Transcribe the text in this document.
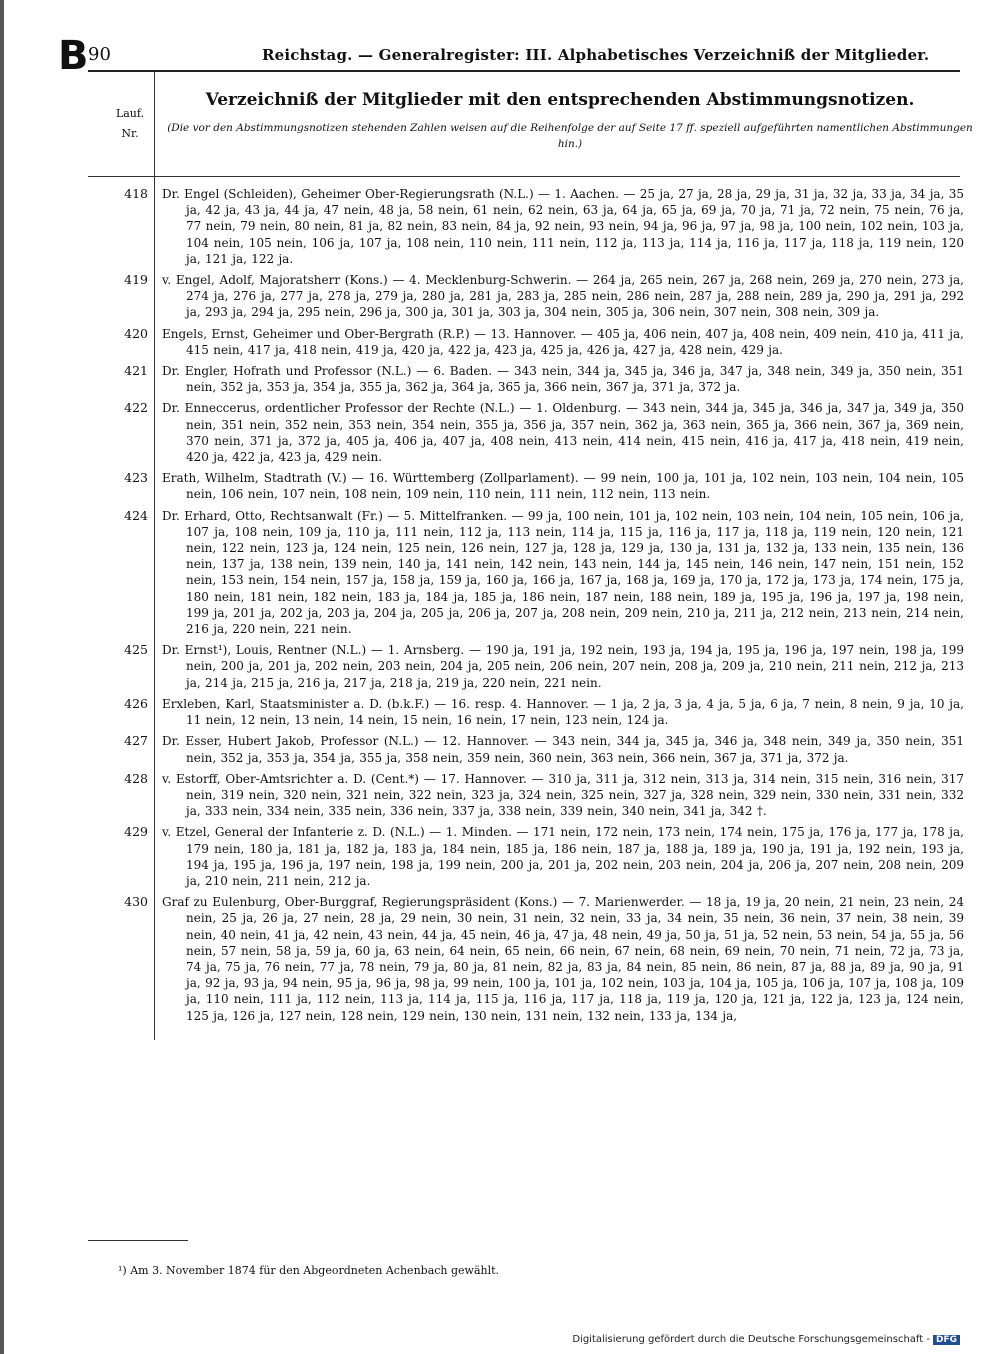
B 90	Reichstag. — Generalregister: III. Alphabetisches Verzeichniß der Mitglieder.
Lauf.
Nr.
Verzeichniß der Mitglieder mit den entsprechenden Abstimmungsnotizen.
(Die vor den Abstimmungsnotizen stehenden Zahlen weisen auf die Reihenfolge der auf Seite 17 ff. speziell aufgeführten namentlichen Abstimmungen hin.)
418 Dr. Engel (Schleiden), Geheimer Ober-Regierungsrath (N.L.) — 1. Aachen. — 25 ja, 27 ja, 28 ja, 29 ja, 31 ja, 32 ja, 33 ja, 34 ja, 35 ja, 42 ja, 43 ja, 44 ja, 47 nein, 48 ja, 58 nein, 61 nein, 62 nein, 63 ja, 64 ja, 65 ja, 69 ja, 70 ja, 71 ja, 72 nein, 75 nein, 76 ja, 77 nein, 79 nein, 80 nein, 81 ja, 82 nein, 83 nein, 84 ja, 92 nein, 93 nein, 94 ja, 96 ja, 97 ja, 98 ja, 100 nein, 102 nein, 103 ja, 104 nein, 105 nein, 106 ja, 107 ja, 108 nein, 110 nein, 111 nein, 112 ja, 113 ja, 114 ja, 116 ja, 117 ja, 118 ja, 119 nein, 120 ja, 121 ja, 122 ja.
419 v. Engel, Adolf, Majoratsherr (Kons.) — 4. Mecklenburg-Schwerin. — 264 ja, 265 nein, 267 ja, 268 nein, 269 ja, 270 nein, 273 ja, 274 ja, 276 ja, 277 ja, 278 ja, 279 ja, 280 ja, 281 ja, 283 ja, 285 nein, 286 nein, 287 ja, 288 nein, 289 ja, 290 ja, 291 ja, 292 ja, 293 ja, 294 ja, 295 nein, 296 ja, 300 ja, 301 ja, 303 ja, 304 nein, 305 ja, 306 nein, 307 nein, 308 nein, 309 ja.
420 Engels, Ernst, Geheimer und Ober-Bergrath (R.P.) — 13. Hannover. — 405 ja, 406 nein, 407 ja, 408 nein, 409 nein, 410 ja, 411 ja, 415 nein, 417 ja, 418 nein, 419 ja, 420 ja, 422 ja, 423 ja, 425 ja, 426 ja, 427 ja, 428 nein, 429 ja.
421 Dr. Engler, Hofrath und Professor (N.L.) — 6. Baden. — 343 nein, 344 ja, 345 ja, 346 ja, 347 ja, 348 nein, 349 ja, 350 nein, 351 nein, 352 ja, 353 ja, 354 ja, 355 ja, 362 ja, 364 ja, 365 ja, 366 nein, 367 ja, 371 ja, 372 ja.
422 Dr. Enneccerus, ordentlicher Professor der Rechte (N.L.) — 1. Oldenburg. — 343 nein, 344 ja, 345 ja, 346 ja, 347 ja, 349 ja, 350 nein, 351 nein, 352 nein, 353 nein, 354 nein, 355 ja, 356 ja, 357 nein, 362 ja, 363 nein, 365 ja, 366 nein, 367 ja, 369 nein, 370 nein, 371 ja, 372 ja, 405 ja, 406 ja, 407 ja, 408 nein, 413 nein, 414 nein, 415 nein, 416 ja, 417 ja, 418 nein, 419 nein, 420 ja, 422 ja, 423 ja, 429 nein.
423 Erath, Wilhelm, Stadtrath (V.) — 16. Württemberg (Zollparlament). — 99 nein, 100 ja, 101 ja, 102 nein, 103 nein, 104 nein, 105 nein, 106 nein, 107 nein, 108 nein, 109 nein, 110 nein, 111 nein, 112 nein, 113 nein.
424 Dr. Erhard, Otto, Rechtsanwalt (Fr.) — 5. Mittelfranken. — 99 ja, 100 nein, 101 ja, 102 nein, 103 nein, 104 nein, 105 nein, 106 ja, 107 ja, 108 nein, 109 ja, 110 ja, 111 nein, 112 ja, 113 nein, 114 ja, 115 ja, 116 ja, 117 ja, 118 ja, 119 nein, 120 nein, 121 nein, 122 nein, 123 ja, 124 nein, 125 nein, 126 nein, 127 ja, 128 ja, 129 ja, 130 ja, 131 ja, 132 ja, 133 nein, 135 nein, 136 nein, 137 ja, 138 nein, 139 nein, 140 ja, 141 nein, 142 nein, 143 nein, 144 ja, 145 nein, 146 nein, 147 nein, 151 nein, 152 nein, 153 nein, 154 nein, 157 ja, 158 ja, 159 ja, 160 ja, 166 ja, 167 ja, 168 ja, 169 ja, 170 ja, 172 ja, 173 ja, 174 nein, 175 ja, 180 nein, 181 nein, 182 nein, 183 ja, 184 ja, 185 ja, 186 nein, 187 nein, 188 nein, 189 ja, 195 ja, 196 ja, 197 ja, 198 nein, 199 ja, 201 ja, 202 ja, 203 ja, 204 ja, 205 ja, 206 ja, 207 ja, 208 nein, 209 nein, 210 ja, 211 ja, 212 nein, 213 nein, 214 nein, 216 ja, 220 nein, 221 nein.
425 Dr. Ernst¹), Louis, Rentner (N.L.) — 1. Arnsberg. — 190 ja, 191 ja, 192 nein, 193 ja, 194 ja, 195 ja, 196 ja, 197 nein, 198 ja, 199 nein, 200 ja, 201 ja, 202 nein, 203 nein, 204 ja, 205 nein, 206 nein, 207 nein, 208 ja, 209 ja, 210 nein, 211 nein, 212 ja, 213 ja, 214 ja, 215 ja, 216 ja, 217 ja, 218 ja, 219 ja, 220 nein, 221 nein.
426 Erxleben, Karl, Staatsminister a. D. (b.k.F.) — 16. resp. 4. Hannover. — 1 ja, 2 ja, 3 ja, 4 ja, 5 ja, 6 ja, 7 nein, 8 nein, 9 ja, 10 ja, 11 nein, 12 nein, 13 nein, 14 nein, 15 nein, 16 nein, 17 nein, 123 nein, 124 ja.
427 Dr. Esser, Hubert Jakob, Professor (N.L.) — 12. Hannover. — 343 nein, 344 ja, 345 ja, 346 ja, 348 nein, 349 ja, 350 nein, 351 nein, 352 ja, 353 ja, 354 ja, 355 ja, 358 nein, 359 nein, 360 nein, 363 nein, 366 nein, 367 ja, 371 ja, 372 ja.
428 v. Estorff, Ober-Amtsrichter a. D. (Cent.*) — 17. Hannover. — 310 ja, 311 ja, 312 nein, 313 ja, 314 nein, 315 nein, 316 nein, 317 nein, 319 nein, 320 nein, 321 nein, 322 nein, 323 ja, 324 nein, 325 nein, 327 ja, 328 nein, 329 nein, 330 nein, 331 nein, 332 ja, 333 nein, 334 nein, 335 nein, 336 nein, 337 ja, 338 nein, 339 nein, 340 nein, 341 ja, 342 †.
429 v. Etzel, General der Infanterie z. D. (N.L.) — 1. Minden. — 171 nein, 172 nein, 173 nein, 174 nein, 175 ja, 176 ja, 177 ja, 178 ja, 179 nein, 180 ja, 181 ja, 182 ja, 183 ja, 184 nein, 185 ja, 186 nein, 187 ja, 188 ja, 189 ja, 190 ja, 191 ja, 192 nein, 193 ja, 194 ja, 195 ja, 196 ja, 197 nein, 198 ja, 199 nein, 200 ja, 201 ja, 202 nein, 203 nein, 204 ja, 206 ja, 207 nein, 208 nein, 209 ja, 210 nein, 211 nein, 212 ja.
430 Graf zu Eulenburg, Ober-Burggraf, Regierungspräsident (Kons.) — 7. Marienwerder. — 18 ja, 19 ja, 20 nein, 21 nein, 23 nein, 24 nein, 25 ja, 26 ja, 27 nein, 28 ja, 29 nein, 30 nein, 31 nein, 32 nein, 33 ja, 34 nein, 35 nein, 36 nein, 37 nein, 38 nein, 39 nein, 40 nein, 41 ja, 42 nein, 43 nein, 44 ja, 45 nein, 46 ja, 47 ja, 48 nein, 49 ja, 50 ja, 51 ja, 52 nein, 53 nein, 54 ja, 55 ja, 56 nein, 57 nein, 58 ja, 59 ja, 60 ja, 63 nein, 64 nein, 65 nein, 66 nein, 67 nein, 68 nein, 69 nein, 70 nein, 71 nein, 72 ja, 73 ja, 74 ja, 75 ja, 76 nein, 77 ja, 78 nein, 79 ja, 80 ja, 81 nein, 82 ja, 83 ja, 84 nein, 85 nein, 86 nein, 87 ja, 88 ja, 89 ja, 90 ja, 91 ja, 92 ja, 93 ja, 94 nein, 95 ja, 96 ja, 98 ja, 99 nein, 100 ja, 101 ja, 102 nein, 103 ja, 104 ja, 105 ja, 106 ja, 107 ja, 108 ja, 109 ja, 110 nein, 111 ja, 112 nein, 113 ja, 114 ja, 115 ja, 116 ja, 117 ja, 118 ja, 119 ja, 120 ja, 121 ja, 122 ja, 123 ja, 124 nein, 125 ja, 126 ja, 127 nein, 128 nein, 129 nein, 130 nein, 131 nein, 132 nein, 133 ja, 134 ja,
¹) Am 3. November 1874 für den Abgeordneten Achenbach gewählt.
Digitalisierung gefördert durch die Deutsche Forschungsgemeinschaft - DFG
